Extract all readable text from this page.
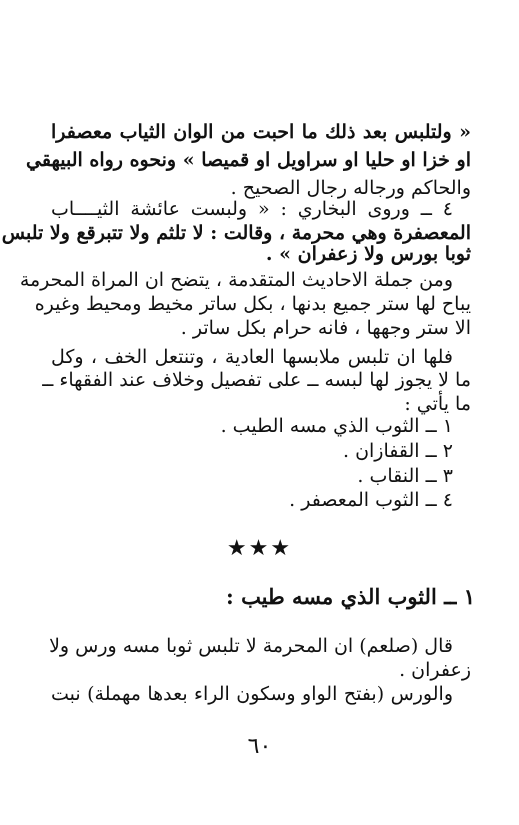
« ولتلبس بعد ذلك ما احبت من الوان الثياب معصفرا
او خزا او حليا او سراويل او قميصا » ونحوه رواه البيهقي
والحاكم ورجاله رجال الصحيح .
٤ ــ وروى البخاري : « ولبست عائشة الثيــــاب
المعصفرة وهي محرمة ، وقالت : لا تلثم ولا تتبرقع ولا تلبس
ثوبا بورس ولا زعفران » .
ومن جملة الاحاديث المتقدمة ، يتضح ان المراة المحرمة
يباح لها ستر جميع بدنها ، بكل ساتر مخيط ومحيط وغيره
الا ستر وجهها ، فانه حرام بكل ساتر .
فلها ان تلبس ملابسها العادية ، وتنتعل الخف ، وكل
ما لا يجوز لها لبسه ــ على تفصيل وخلاف عند الفقهاء ــ
ما يأتي :
١ ــ الثوب الذي مسه الطيب .
٢ ــ القفازان .
٣ ــ النقاب .
٤ ــ الثوب المعصفر .
★★★
١ ــ الثوب الذي مسه طيب :
قال (صلعم) ان المحرمة لا تلبس ثوبا مسه ورس ولا
زعفران .
والورس (بفتح الواو وسكون الراء بعدها مهملة) نبت
٦٠
